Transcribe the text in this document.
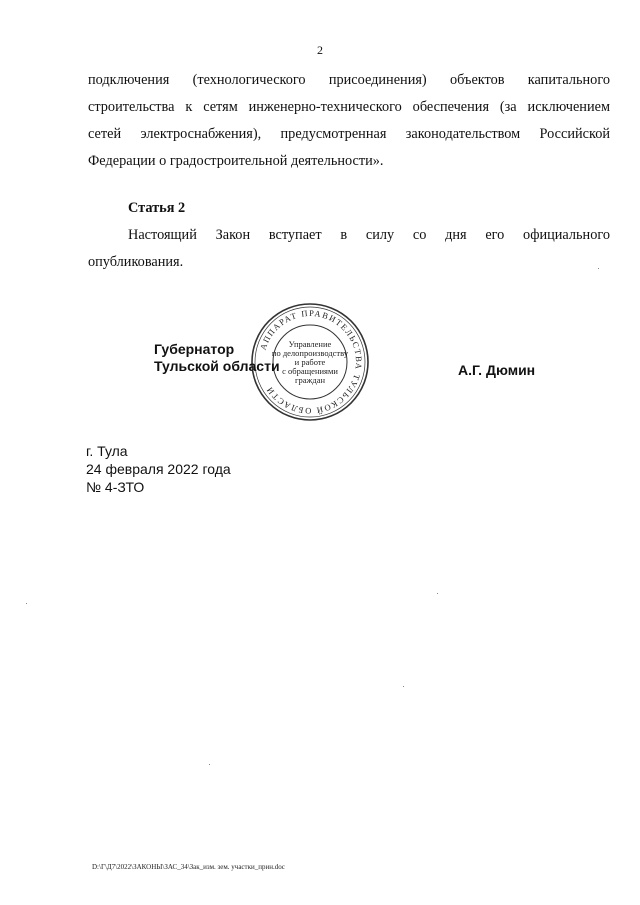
2
подключения (технологического присоединения) объектов капитального
строительства к сетям инженерно-технического обеспечения (за исключением
сетей электроснабжения), предусмотренная законодательством Российской
Федерации о градостроительной деятельности».
Статья 2
Настоящий Закон вступает в силу со дня его официального
опубликования.
АППАРАТ ПРАВИТЕЛЬСТВА ТУЛЬСКОЙ ОБЛАСТИ
Управление
по делопроизводству
и работе
с обращениями
граждан
Губернатор
Тульской области	А.Г. Дюмин
г. Тула
24 февраля 2022 года
№ 4-ЗТО
D:\Г\Д7\2022\ЗАКОНЫ\ЗАС_34\Зак_изм. зем. участки_прин.doc
